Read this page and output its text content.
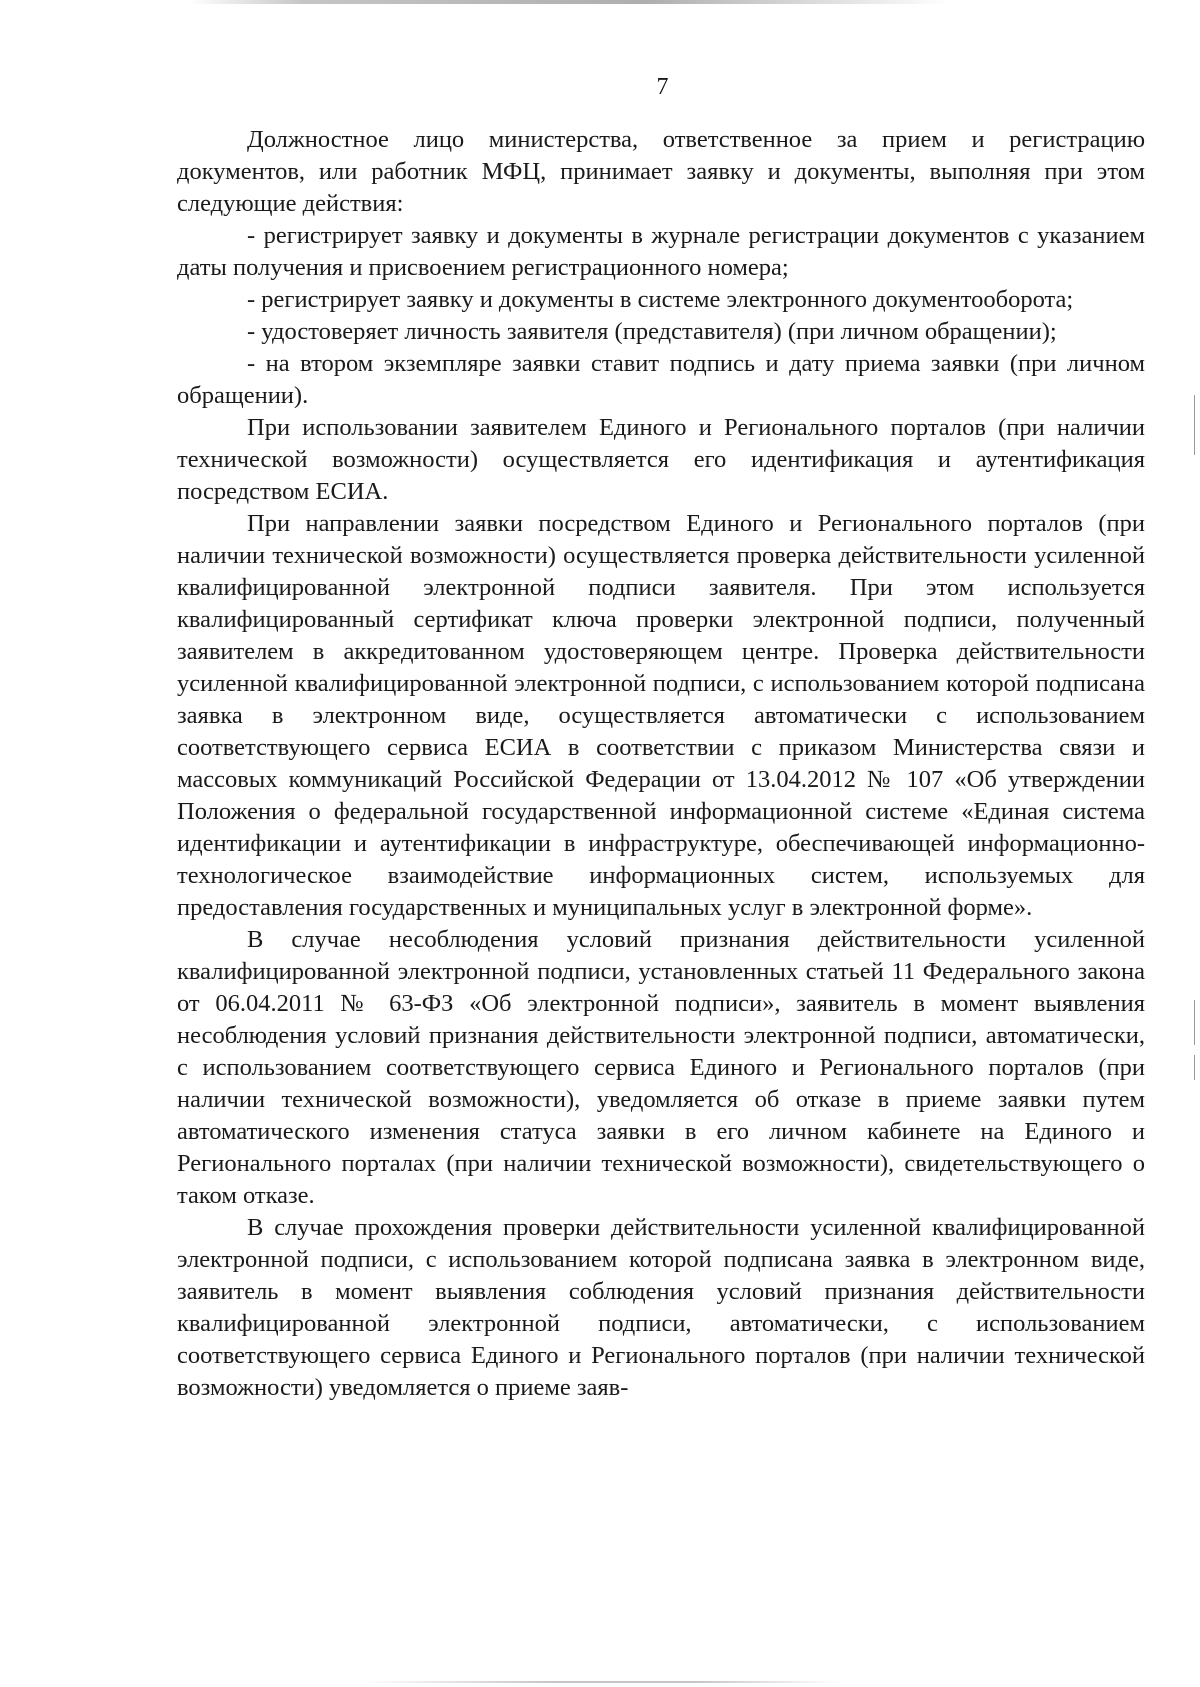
7

Должностное лицо министерства, ответственное за прием и регистрацию документов, или работник МФЦ, принимает заявку и документы, выполняя при этом следующие действия:

- регистрирует заявку и документы в журнале регистрации документов с указанием даты получения и присвоением регистрационного номера;

- регистрирует заявку и документы в системе электронного документооборота;

- удостоверяет личность заявителя (представителя) (при личном обращении);

- на втором экземпляре заявки ставит подпись и дату приема заявки (при личном обращении).

При использовании заявителем Единого и Регионального порталов (при наличии технической возможности) осуществляется его идентификация и аутентификация посредством ЕСИА.

При направлении заявки посредством Единого и Регионального порталов (при наличии технической возможности) осуществляется проверка действительности усиленной квалифицированной электронной подписи заявителя. При этом используется квалифицированный сертификат ключа проверки электронной подписи, полученный заявителем в аккредитованном удостоверяющем центре. Проверка действительности усиленной квалифицированной электронной подписи, с использованием которой подписана заявка в электронном виде, осуществляется автоматически с использованием соответствующего сервиса ЕСИА в соответствии с приказом Министерства связи и массовых коммуникаций Российской Федерации от 13.04.2012 № 107 «Об утверждении Положения о федеральной государственной информационной системе «Единая система идентификации и аутентификации в инфраструктуре, обеспечивающей информационно-технологическое взаимодействие информационных систем, используемых для предоставления государственных и муниципальных услуг в электронной форме».

В случае несоблюдения условий признания действительности усиленной квалифицированной электронной подписи, установленных статьей 11 Федерального закона от 06.04.2011 № 63-ФЗ «Об электронной подписи», заявитель в момент выявления несоблюдения условий признания действительности электронной подписи, автоматически, с использованием соответствующего сервиса Единого и Регионального порталов (при наличии технической возможности), уведомляется об отказе в приеме заявки путем автоматического изменения статуса заявки в его личном кабинете на Единого и Регионального порталах (при наличии технической возможности), свидетельствующего о таком отказе.

В случае прохождения проверки действительности усиленной квалифицированной электронной подписи, с использованием которой подписана заявка в электронном виде, заявитель в момент выявления соблюдения условий признания действительности квалифицированной электронной подписи, автоматически, с использованием соответствующего сервиса Единого и Регионального порталов (при наличии технической возможности) уведомляется о приеме заяв-
